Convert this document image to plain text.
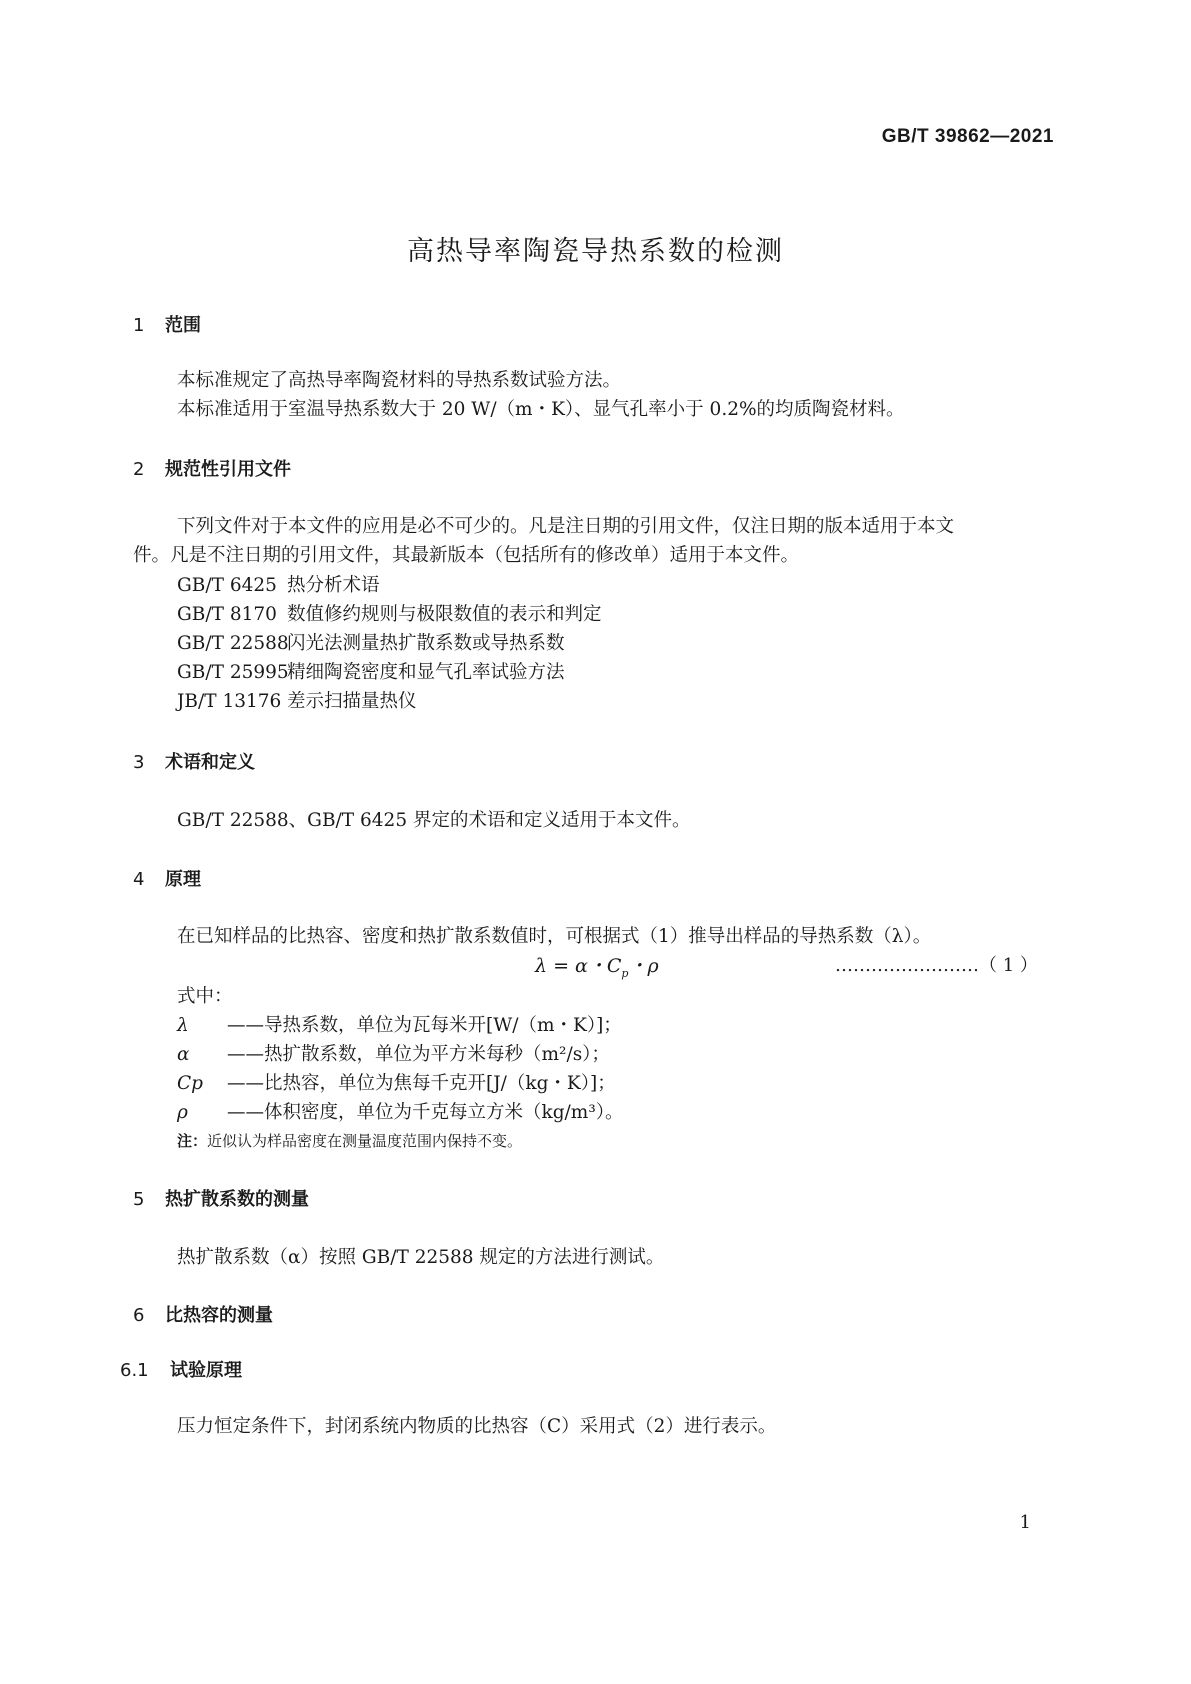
GB/T 39862—2021
高热导率陶瓷导热系数的检测
1 范围
本标准规定了高热导率陶瓷材料的导热系数试验方法。
本标准适用于室温导热系数大于 20 W/（m・K）、显气孔率小于 0.2%的均质陶瓷材料。
2 规范性引用文件
下列文件对于本文件的应用是必不可少的。凡是注日期的引用文件，仅注日期的版本适用于本文
件。凡是不注日期的引用文件，其最新版本（包括所有的修改单）适用于本文件。
GB/T 6425 热分析术语
GB/T 8170 数值修约规则与极限数值的表示和判定
GB/T 22588闪光法测量热扩散系数或导热系数
GB/T 25995精细陶瓷密度和显气孔率试验方法
JB/T 13176 差示扫描量热仪
3 术语和定义
GB/T 22588、GB/T 6425 界定的术语和定义适用于本文件。
4 原理
在已知样品的比热容、密度和热扩散系数值时，可根据式（1）推导出样品的导热系数（λ）。
λ = α・$C_p$・ρ	……………………（ 1 ）
式中：
λ ——导热系数，单位为瓦每米开[W/（m・K）]；
α ——热扩散系数，单位为平方米每秒（m²/s）；
Cp ——比热容，单位为焦每千克开[J/（kg・K）]；
ρ ——体积密度，单位为千克每立方米（kg/m³）。
注：近似认为样品密度在测量温度范围内保持不变。
5 热扩散系数的测量
热扩散系数（α）按照 GB/T 22588 规定的方法进行测试。
6 比热容的测量
6.1 试验原理
压力恒定条件下，封闭系统内物质的比热容（C）采用式（2）进行表示。
1
